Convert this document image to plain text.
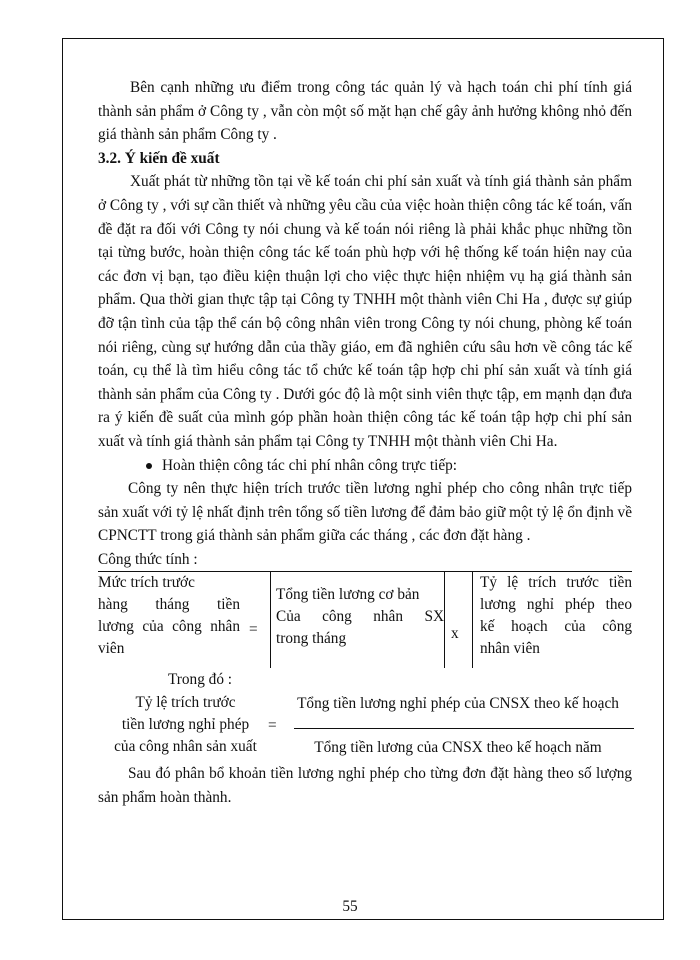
Bên cạnh những ưu điểm trong công tác quản lý và hạch toán chi phí tính giá thành sản phẩm ở Công ty , vẫn còn một số mặt hạn chế gây ảnh hưởng không nhỏ đến giá thành sản phẩm Công ty .

3.2. Ý kiến đề xuất

Xuất phát từ những tồn tại về kế toán chi phí sản xuất và tính giá thành sản phẩm ở Công ty , với sự cần thiết và những yêu cầu của việc hoàn thiện công tác kế toán, vấn đề đặt ra đối với Công ty nói chung và kế toán nói riêng là phải khắc phục những tồn tại từng bước, hoàn thiện công tác kế toán phù hợp với hệ thống kế toán hiện nay của các đơn vị bạn, tạo điều kiện thuận lợi cho việc thực hiện nhiệm vụ hạ giá thành sản phẩm. Qua thời gian thực tập tại Công ty TNHH một thành viên Chi Ha , được sự giúp đỡ tận tình của tập thể cán bộ công nhân viên trong Công ty nói chung, phòng kế toán nói riêng, cùng sự hướng dẫn của thầy giáo, em đã nghiên cứu sâu hơn về công tác kế toán, cụ thể là tìm hiểu công tác tổ chức kế toán tập hợp chi phí sản xuất và tính giá thành sản phẩm của Công ty . Dưới góc độ là một sinh viên thực tập, em mạnh dạn đưa ra ý kiến đề suất của mình góp phần hoàn thiện công tác kế toán tập hợp chi phí sản xuất và tính giá thành sản phẩm tại Công ty TNHH một thành viên Chi Ha.

Hoàn thiện công tác chi phí nhân công trực tiếp:

Công ty nên thực hiện trích trước tiền lương nghỉ phép cho công nhân trực tiếp sản xuất với tỷ lệ nhất định trên tổng số tiền lương để đảm bảo giữ một tỷ lệ ổn định về CPNCTT trong giá thành sản phẩm giữa các tháng , các đơn đặt hàng .

Công thức tính :

Mức trích trước
hàng tháng tiền
lương của công nhân
viên
=
Tổng tiền lương cơ bản
Của công nhân SX
trong tháng	x
Tỷ lệ trích trước tiền
lương nghỉ phép theo
kế hoạch của công
nhân viên

Trong đó :

Tỷ lệ trích trước
tiền lương nghỉ phép
của công nhân sản xuất
=
Tổng tiền lương nghỉ phép của CNSX theo kế hoạch
Tổng tiền lương của CNSX theo kế hoạch năm

Sau đó phân bổ khoản tiền lương nghỉ phép cho từng đơn đặt hàng theo số lượng sản phẩm hoàn thành.

55
